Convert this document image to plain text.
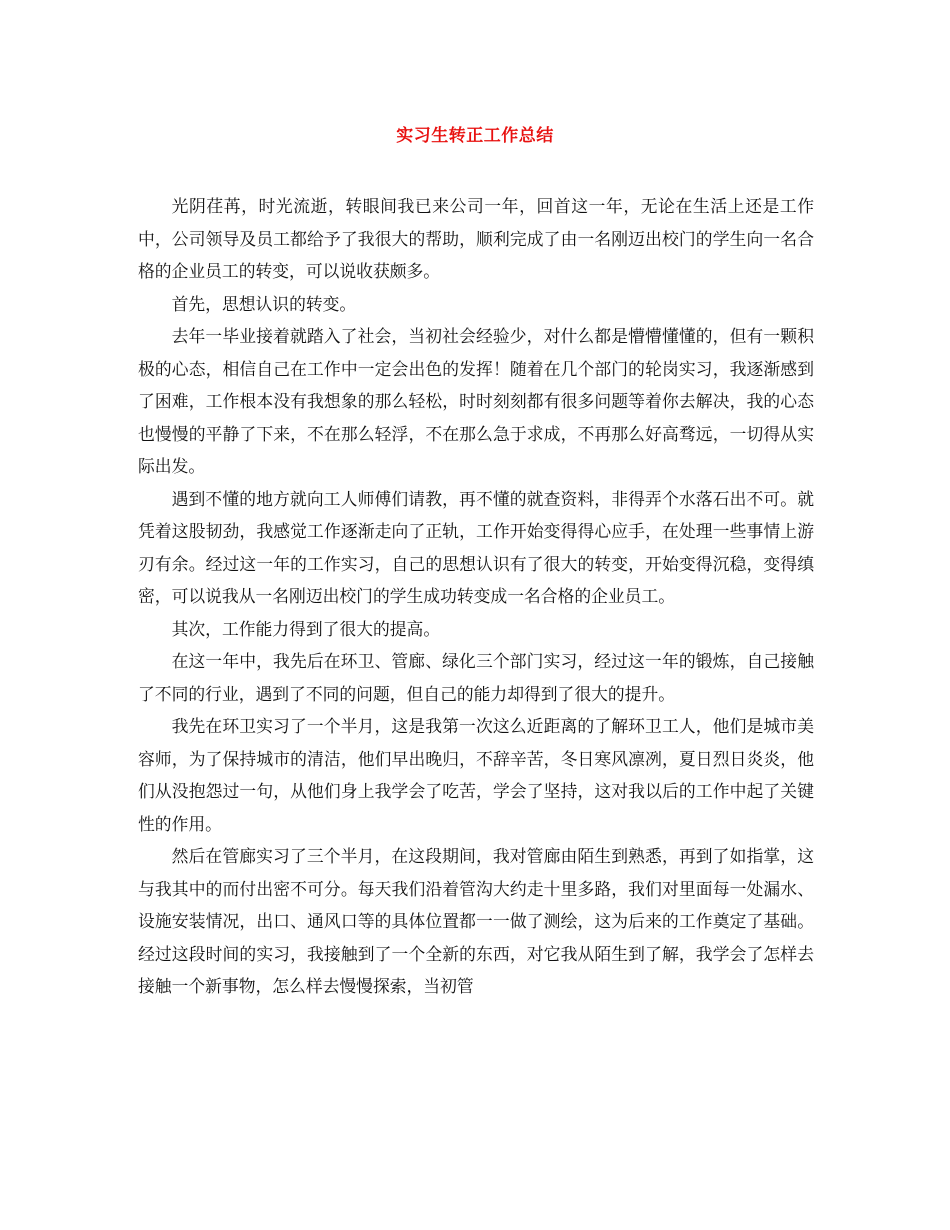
实习生转正工作总结

光阴荏苒，时光流逝，转眼间我已来公司一年，回首这一年，无论在生活上还是工作中，公司领导及员工都给予了我很大的帮助，顺利完成了由一名刚迈出校门的学生向一名合格的企业员工的转变，可以说收获颇多。

首先，思想认识的转变。

去年一毕业接着就踏入了社会，当初社会经验少，对什么都是懵懵懂懂的，但有一颗积极的心态，相信自己在工作中一定会出色的发挥！随着在几个部门的轮岗实习，我逐渐感到了困难，工作根本没有我想象的那么轻松，时时刻刻都有很多问题等着你去解决，我的心态也慢慢的平静了下来，不在那么轻浮，不在那么急于求成，不再那么好高骛远，一切得从实际出发。

遇到不懂的地方就向工人师傅们请教，再不懂的就查资料，非得弄个水落石出不可。就凭着这股韧劲，我感觉工作逐渐走向了正轨，工作开始变得得心应手，在处理一些事情上游刃有余。经过这一年的工作实习，自己的思想认识有了很大的转变，开始变得沉稳，变得缜密，可以说我从一名刚迈出校门的学生成功转变成一名合格的企业员工。

其次，工作能力得到了很大的提高。

在这一年中，我先后在环卫、管廊、绿化三个部门实习，经过这一年的锻炼，自己接触了不同的行业，遇到了不同的问题，但自己的能力却得到了很大的提升。

我先在环卫实习了一个半月，这是我第一次这么近距离的了解环卫工人，他们是城市美容师，为了保持城市的清洁，他们早出晚归，不辞辛苦，冬日寒风凛冽，夏日烈日炎炎，他们从没抱怨过一句，从他们身上我学会了吃苦，学会了坚持，这对我以后的工作中起了关键性的作用。

然后在管廊实习了三个半月，在这段期间，我对管廊由陌生到熟悉，再到了如指掌，这与我其中的而付出密不可分。每天我们沿着管沟大约走十里多路，我们对里面每一处漏水、设施安装情况，出口、通风口等的具体位置都一一做了测绘，这为后来的工作奠定了基础。经过这段时间的实习，我接触到了一个全新的东西，对它我从陌生到了解，我学会了怎样去接触一个新事物，怎么样去慢慢探索，当初管
